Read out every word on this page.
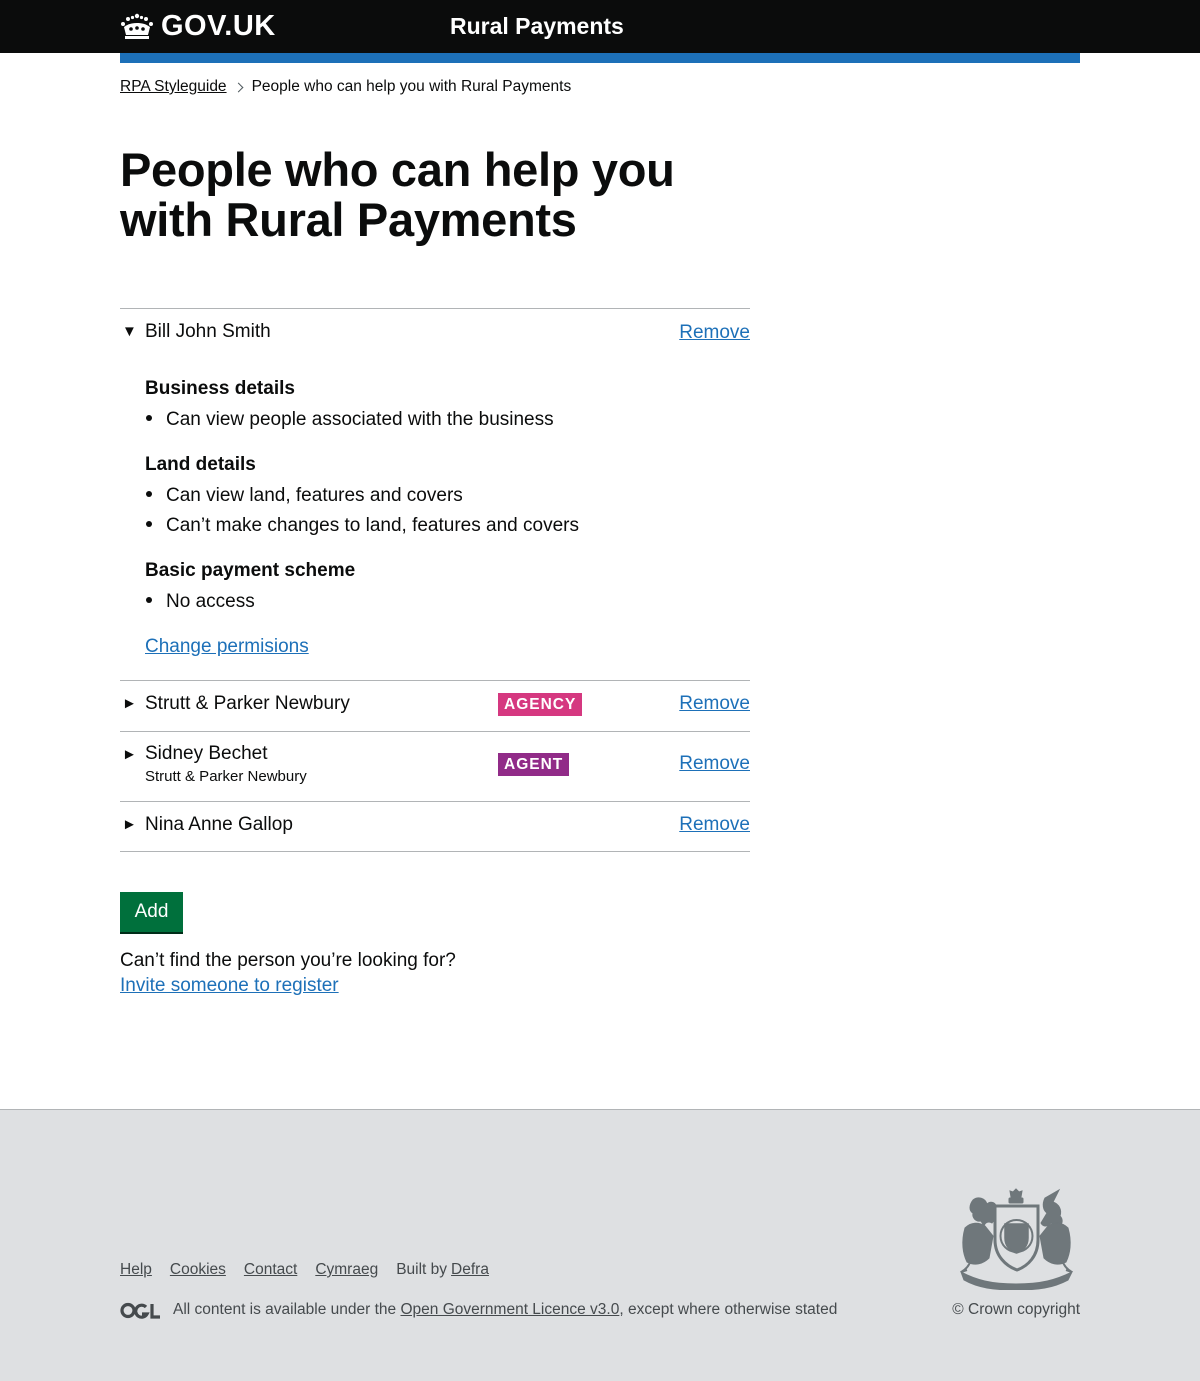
GOV.UK	Rural Payments
RPA Styleguide People who can help you with Rural Payments
People who can help you with Rural Payments
▼ Bill John Smith	Remove
Business details
Can view people associated with the business
Land details
Can view land, features and covers
Can’t make changes to land, features and covers
Basic payment scheme
No access
Change permisions
► Strutt & Parker Newbury	AGENCY	Remove
► Sidney Bechet
Strutt & Parker Newbury
AGENT	Remove
► Nina Anne Gallop	Remove
Add

Can’t find the person you’re looking for?

Invite someone to register
Help Cookies Contact Cymraeg Built by Defra
All content is available under the
Open Government Licence v3.0 , except where otherwise stated	© Crown copyright
